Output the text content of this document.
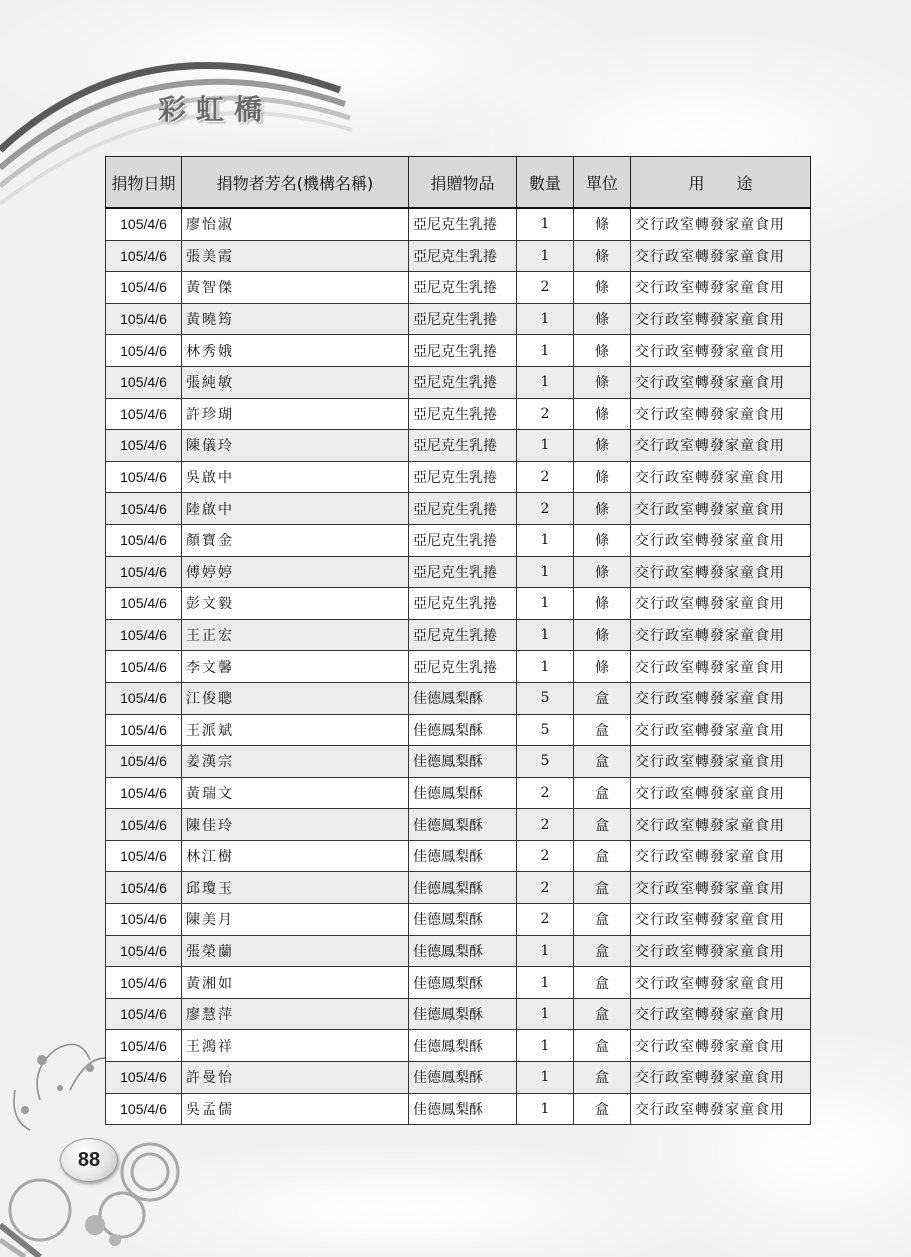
彩虹橋
捐物日期	捐物者芳名(機構名稱)	捐贈物品	數量	單位	用　　途
105/4/6	廖怡淑	亞尼克生乳捲	1	條	交行政室轉發家童食用
105/4/6	張美霞	亞尼克生乳捲	1	條	交行政室轉發家童食用
105/4/6	黃智傑	亞尼克生乳捲	2	條	交行政室轉發家童食用
105/4/6	黃曉筠	亞尼克生乳捲	1	條	交行政室轉發家童食用
105/4/6	林秀娥	亞尼克生乳捲	1	條	交行政室轉發家童食用
105/4/6	張純敏	亞尼克生乳捲	1	條	交行政室轉發家童食用
105/4/6	許珍瑚	亞尼克生乳捲	2	條	交行政室轉發家童食用
105/4/6	陳儀玲	亞尼克生乳捲	1	條	交行政室轉發家童食用
105/4/6	吳啟中	亞尼克生乳捲	2	條	交行政室轉發家童食用
105/4/6	陸啟中	亞尼克生乳捲	2	條	交行政室轉發家童食用
105/4/6	顏寶金	亞尼克生乳捲	1	條	交行政室轉發家童食用
105/4/6	傅婷婷	亞尼克生乳捲	1	條	交行政室轉發家童食用
105/4/6	彭文毅	亞尼克生乳捲	1	條	交行政室轉發家童食用
105/4/6	王正宏	亞尼克生乳捲	1	條	交行政室轉發家童食用
105/4/6	李文馨	亞尼克生乳捲	1	條	交行政室轉發家童食用
105/4/6	江俊聰	佳德鳳梨酥	5	盒	交行政室轉發家童食用
105/4/6	王派斌	佳德鳳梨酥	5	盒	交行政室轉發家童食用
105/4/6	姜漢宗	佳德鳳梨酥	5	盒	交行政室轉發家童食用
105/4/6	黃瑞文	佳德鳳梨酥	2	盒	交行政室轉發家童食用
105/4/6	陳佳玲	佳德鳳梨酥	2	盒	交行政室轉發家童食用
105/4/6	林江樹	佳德鳳梨酥	2	盒	交行政室轉發家童食用
105/4/6	邱瓊玉	佳德鳳梨酥	2	盒	交行政室轉發家童食用
105/4/6	陳美月	佳德鳳梨酥	2	盒	交行政室轉發家童食用
105/4/6	張榮蘭	佳德鳳梨酥	1	盒	交行政室轉發家童食用
105/4/6	黃湘如	佳德鳳梨酥	1	盒	交行政室轉發家童食用
105/4/6	廖慧萍	佳德鳳梨酥	1	盒	交行政室轉發家童食用
105/4/6	王鴻祥	佳德鳳梨酥	1	盒	交行政室轉發家童食用
105/4/6	許曼怡	佳德鳳梨酥	1	盒	交行政室轉發家童食用
105/4/6	吳孟儒	佳德鳳梨酥	1	盒	交行政室轉發家童食用
88
